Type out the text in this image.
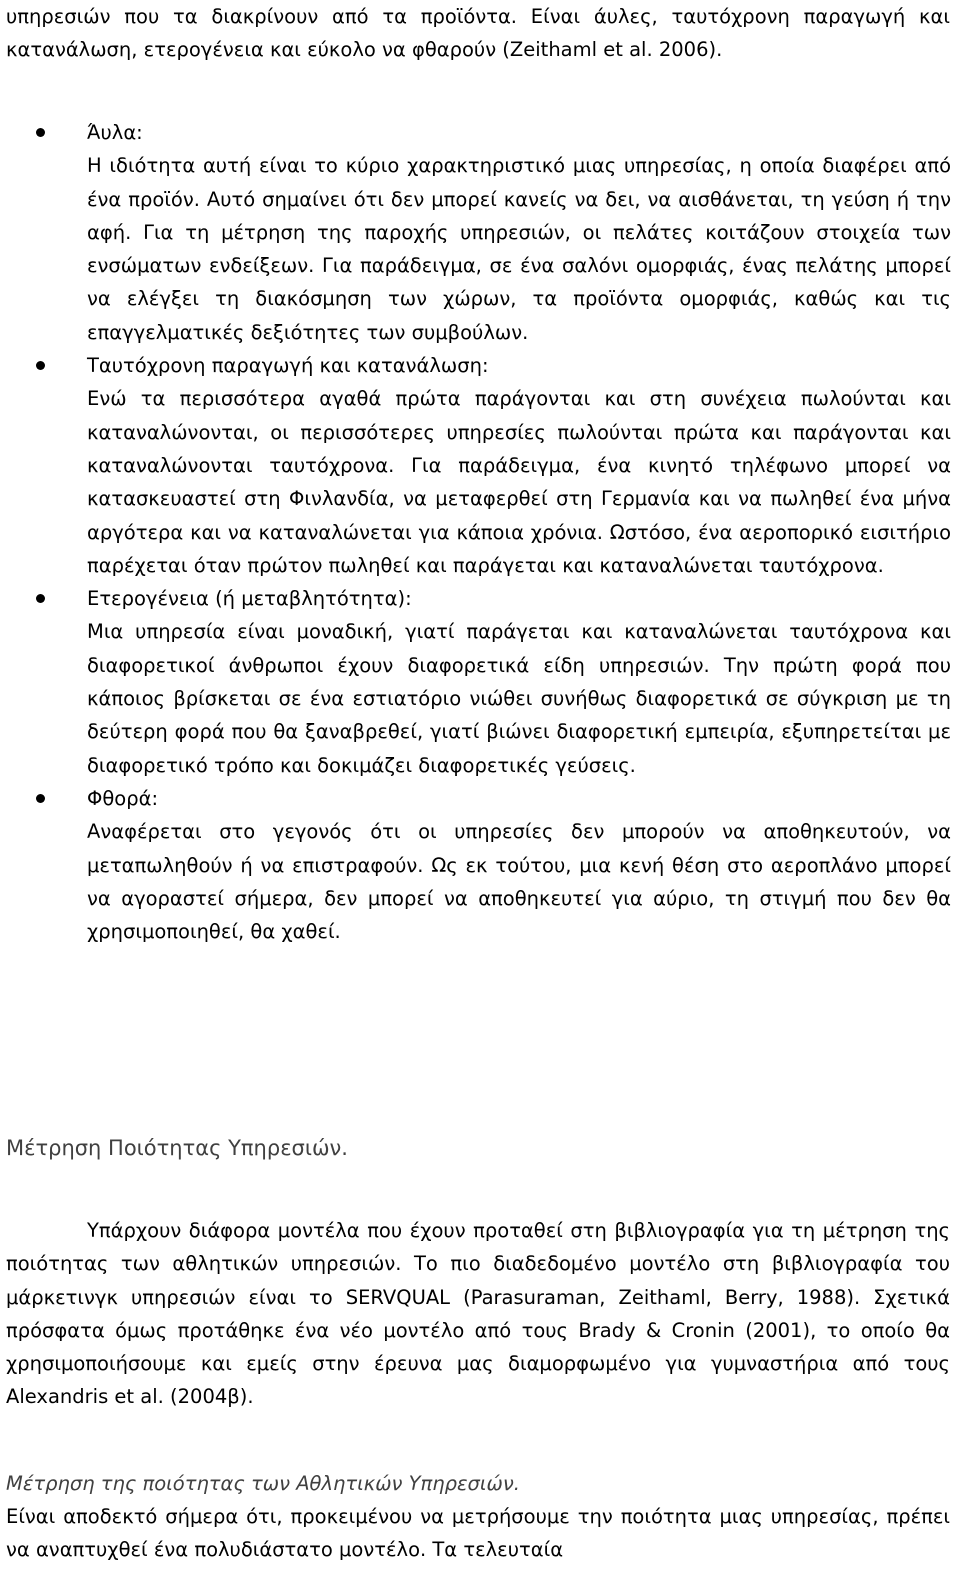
υπηρεσιών που τα διακρίνουν από τα προϊόντα. Είναι άυλες, ταυτόχρονη παραγωγή και κατανάλωση, ετερογένεια και εύκολο να φθαρούν (Zeithaml et al. 2006).

Άυλα:
Η ιδιότητα αυτή είναι το κύριο χαρακτηριστικό μιας υπηρεσίας, η οποία διαφέρει από ένα προϊόν. Αυτό σημαίνει ότι δεν μπορεί κανείς να δει, να αισθάνεται, τη γεύση ή την αφή. Για τη μέτρηση της παροχής υπηρεσιών, οι πελάτες κοιτάζουν στοιχεία των ενσώματων ενδείξεων. Για παράδειγμα, σε ένα σαλόνι ομορφιάς, ένας πελάτης μπορεί να ελέγξει τη διακόσμηση των χώρων, τα προϊόντα ομορφιάς, καθώς και τις επαγγελματικές δεξιότητες των συμβούλων.
Ταυτόχρονη παραγωγή και κατανάλωση:
Ενώ τα περισσότερα αγαθά πρώτα παράγονται και στη συνέχεια πωλούνται και καταναλώνονται, οι περισσότερες υπηρεσίες πωλούνται πρώτα και παράγονται και καταναλώνονται ταυτόχρονα. Για παράδειγμα, ένα κινητό τηλέφωνο μπορεί να κατασκευαστεί στη Φινλανδία, να μεταφερθεί στη Γερμανία και να πωληθεί ένα μήνα αργότερα και να καταναλώνεται για κάποια χρόνια. Ωστόσο, ένα αεροπορικό εισιτήριο παρέχεται όταν πρώτον πωληθεί και παράγεται και καταναλώνεται ταυτόχρονα.
Ετερογένεια (ή μεταβλητότητα):
Μια υπηρεσία είναι μοναδική, γιατί παράγεται και καταναλώνεται ταυτόχρονα και διαφορετικοί άνθρωποι έχουν διαφορετικά είδη υπηρεσιών. Την πρώτη φορά που κάποιος βρίσκεται σε ένα εστιατόριο νιώθει συνήθως διαφορετικά σε σύγκριση με τη δεύτερη φορά που θα ξαναβρεθεί, γιατί βιώνει διαφορετική εμπειρία, εξυπηρετείται με διαφορετικό τρόπο και δοκιμάζει διαφορετικές γεύσεις.
Φθορά:
Αναφέρεται στο γεγονός ότι οι υπηρεσίες δεν μπορούν να αποθηκευτούν, να μεταπωληθούν ή να επιστραφούν. Ως εκ τούτου, μια κενή θέση στο αεροπλάνο μπορεί να αγοραστεί σήμερα, δεν μπορεί να αποθηκευτεί για αύριο, τη στιγμή που δεν θα χρησιμοποιηθεί, θα χαθεί.
Μέτρηση Ποιότητας Υπηρεσιών.

Υπάρχουν διάφορα μοντέλα που έχουν προταθεί στη βιβλιογραφία για τη μέτρηση της ποιότητας των αθλητικών υπηρεσιών. Το πιο διαδεδομένο μοντέλο στη βιβλιογραφία του μάρκετινγκ υπηρεσιών είναι το SERVQUAL (Parasuraman, Zeithaml, Berry, 1988). Σχετικά πρόσφατα όμως προτάθηκε ένα νέο μοντέλο από τους Brady & Cronin (2001), το οποίο θα χρησιμοποιήσουμε και εμείς στην έρευνα μας διαμορφωμένο για γυμναστήρια από τους Alexandris et al. (2004β).

Μέτρηση της ποιότητας των Αθλητικών Υπηρεσιών.

Είναι αποδεκτό σήμερα ότι, προκειμένου να μετρήσουμε την ποιότητα μιας υπηρεσίας, πρέπει να αναπτυχθεί ένα πολυδιάστατο μοντέλο. Τα τελευταία
